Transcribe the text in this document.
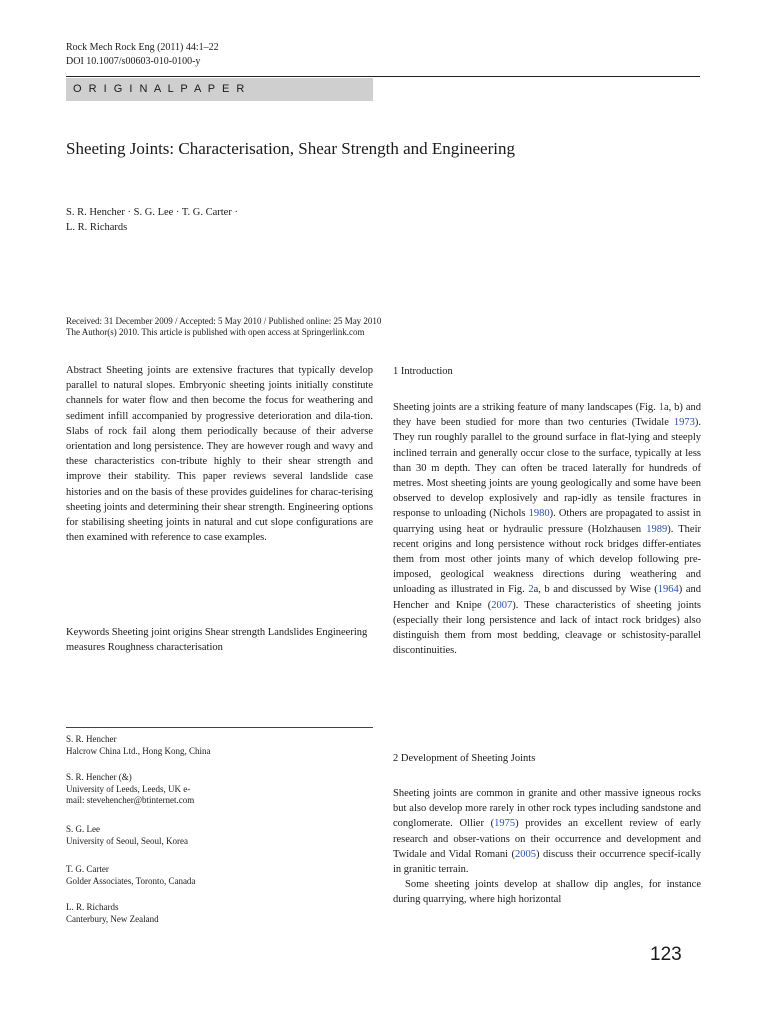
Rock Mech Rock Eng (2011) 44:1–22
DOI 10.1007/s00603-010-0100-y
O R I G I N A L P A P E R
Sheeting Joints: Characterisation, Shear Strength and Engineering
S. R. Hencher · S. G. Lee · T. G. Carter ·
L. R. Richards
Received: 31 December 2009 / Accepted: 5 May 2010 / Published online: 25 May 2010
The Author(s) 2010. This article is published with open access at Springerlink.com
Abstract Sheeting joints are extensive fractures that typically develop parallel to natural slopes. Embryonic sheeting joints initially constitute channels for water flow and then become the focus for weathering and sediment infill accompanied by progressive deterioration and dila-tion. Slabs of rock fail along them periodically because of their adverse orientation and long persistence. They are however rough and wavy and these characteristics con-tribute highly to their shear strength and improve their stability. This paper reviews several landslide case histories and on the basis of these provides guidelines for charac-terising sheeting joints and determining their shear strength. Engineering options for stabilising sheeting joints in natural and cut slope configurations are then examined with reference to case examples.
Keywords Sheeting joint origins Shear strength Landslides Engineering measures Roughness characterisation
S. R. Hencher
Halcrow China Ltd., Hong Kong, China
S. R. Hencher (&)
University of Leeds, Leeds, UK e-
mail: stevehencher@btinternet.com
S. G. Lee
University of Seoul, Seoul, Korea
T. G. Carter
Golder Associates, Toronto, Canada
L. R. Richards
Canterbury, New Zealand
1 Introduction

Sheeting joints are a striking feature of many landscapes (Fig. 1a, b) and they have been studied for more than two centuries (Twidale 1973). They run roughly parallel to the ground surface in flat-lying and steeply inclined terrain and generally occur close to the surface, typically at less than 30 m depth. They can often be traced laterally for hundreds of metres. Most sheeting joints are young geologically and some have been observed to develop explosively and rap-idly as tensile fractures in response to unloading (Nichols 1980). Others are propagated to assist in quarrying using heat or hydraulic pressure (Holzhausen 1989). Their recent origins and long persistence without rock bridges differ-entiates them from most other joints many of which develop following pre-imposed, geological weakness directions during weathering and unloading as illustrated in Fig. 2a, b and discussed by Wise (1964) and Hencher and Knipe (2007). These characteristics of sheeting joints (especially their long persistence and lack of intact rock bridges) also distinguish them from most bedding, cleavage or schistosity-parallel discontinuities.

2 Development of Sheeting Joints

Sheeting joints are common in granite and other massive igneous rocks but also develop more rarely in other rock types including sandstone and conglomerate. Ollier (1975) provides an excellent review of early research and obser-vations on their occurrence and development and Twidale and Vidal Romani (2005) discuss their occurrence specif-ically in granitic terrain.

Some sheeting joints develop at shallow dip angles, for instance during quarrying, where high horizontal

123
